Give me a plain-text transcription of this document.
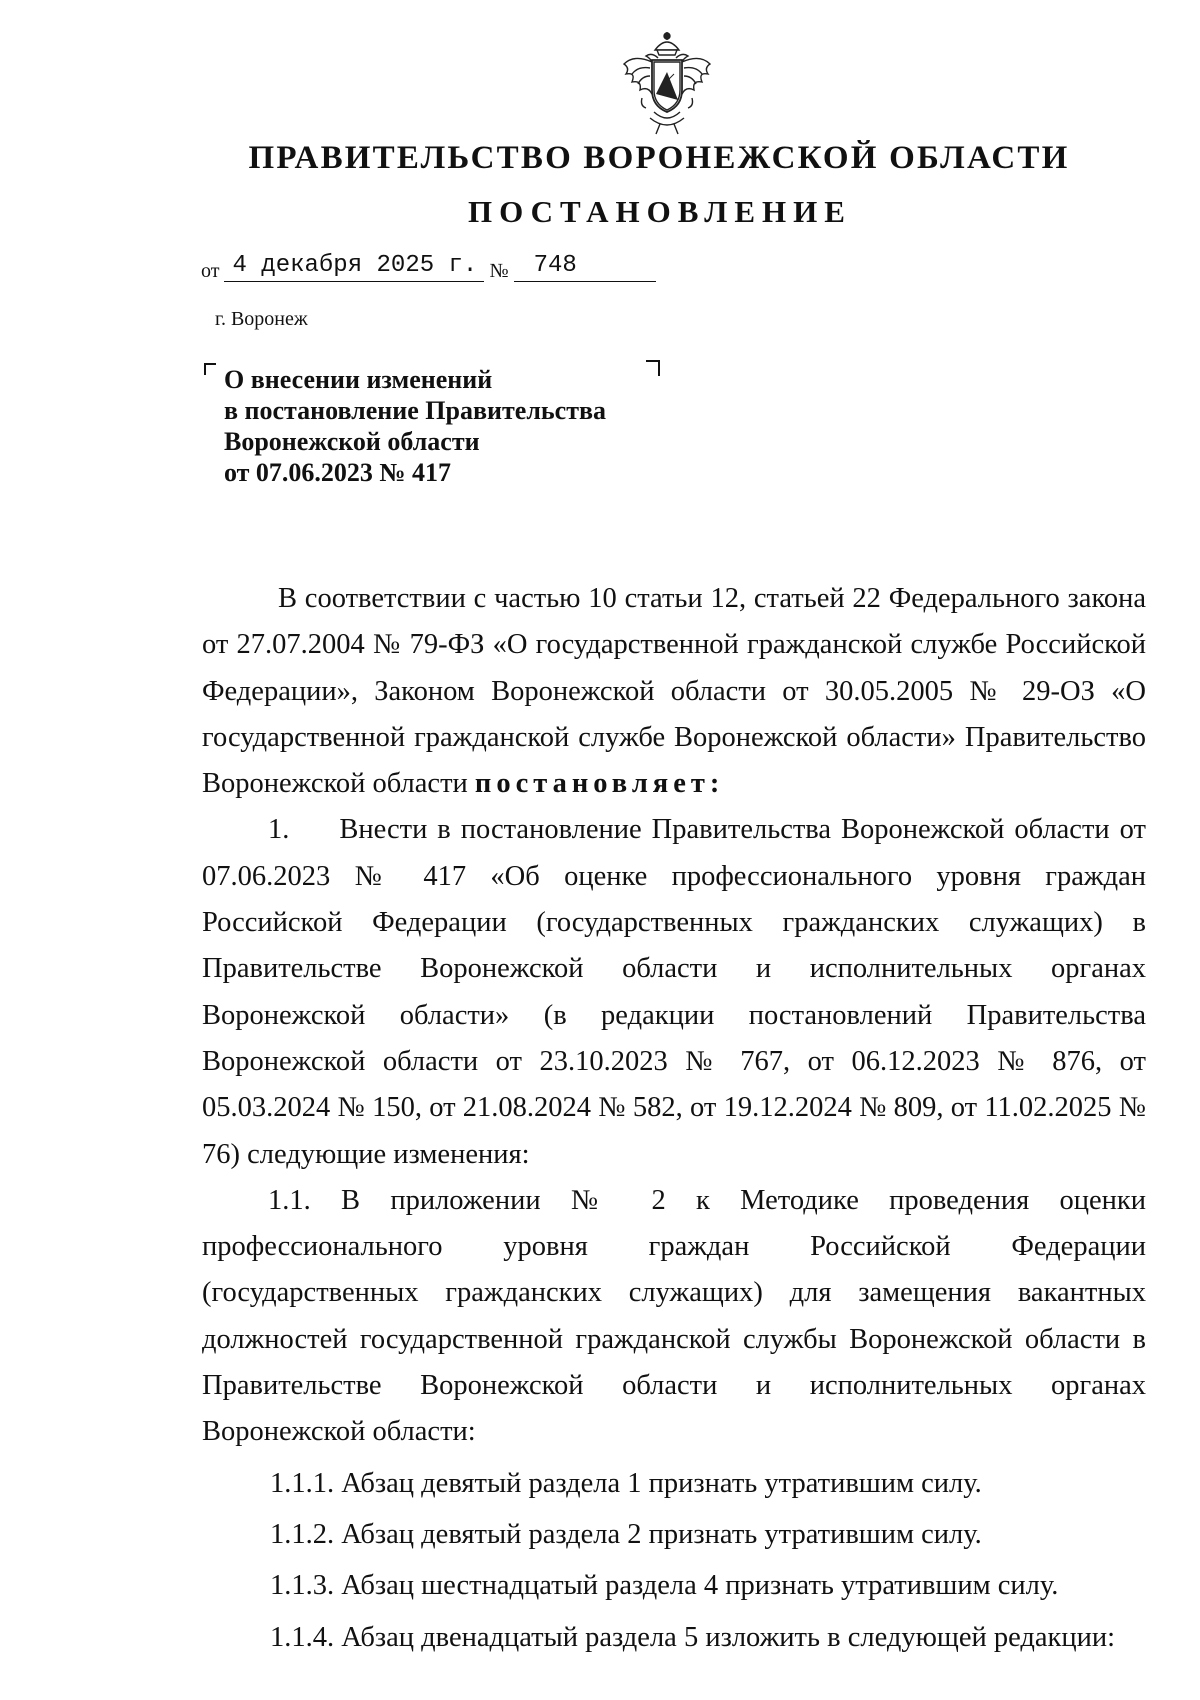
ПРАВИТЕЛЬСТВО ВОРОНЕЖСКОЙ ОБЛАСТИ
ПОСТАНОВЛЕНИЕ
от 4 декабря 2025 г. № 748
г. Воронеж
О внесении изменений
в постановление Правительства
Воронежской области
от 07.06.2023 № 417

В соответствии с частью 10 статьи 12, статьей 22 Федерального закона от 27.07.2004 № 79-ФЗ «О государственной гражданской службе Российской Федерации», Законом Воронежской области от 30.05.2005 № 29-ОЗ «О государственной гражданской службе Воронежской области» Правительство Воронежской области постановляет:

1.     Внести в постановление Правительства Воронежской области от 07.06.2023 № 417 «Об оценке профессионального уровня граждан Российской Федерации (государственных гражданских служащих) в Правительстве Воронежской области и исполнительных органах Воронежской области» (в редакции постановлений Правительства Воронежской области от 23.10.2023 № 767, от 06.12.2023 № 876, от 05.03.2024 № 150, от 21.08.2024 № 582, от 19.12.2024 № 809, от 11.02.2025 № 76) следующие изменения:

1.1. В приложении № 2 к Методике проведения оценки профессионального уровня граждан Российской Федерации (государственных гражданских служащих) для замещения вакантных должностей государственной гражданской службы Воронежской области в Правительстве Воронежской области и исполнительных органах Воронежской области:

1.1.1. Абзац девятый раздела 1 признать утратившим силу.

1.1.2. Абзац девятый раздела 2 признать утратившим силу.

1.1.3. Абзац шестнадцатый раздела 4 признать утратившим силу.

1.1.4. Абзац двенадцатый раздела 5 изложить в следующей редакции:
